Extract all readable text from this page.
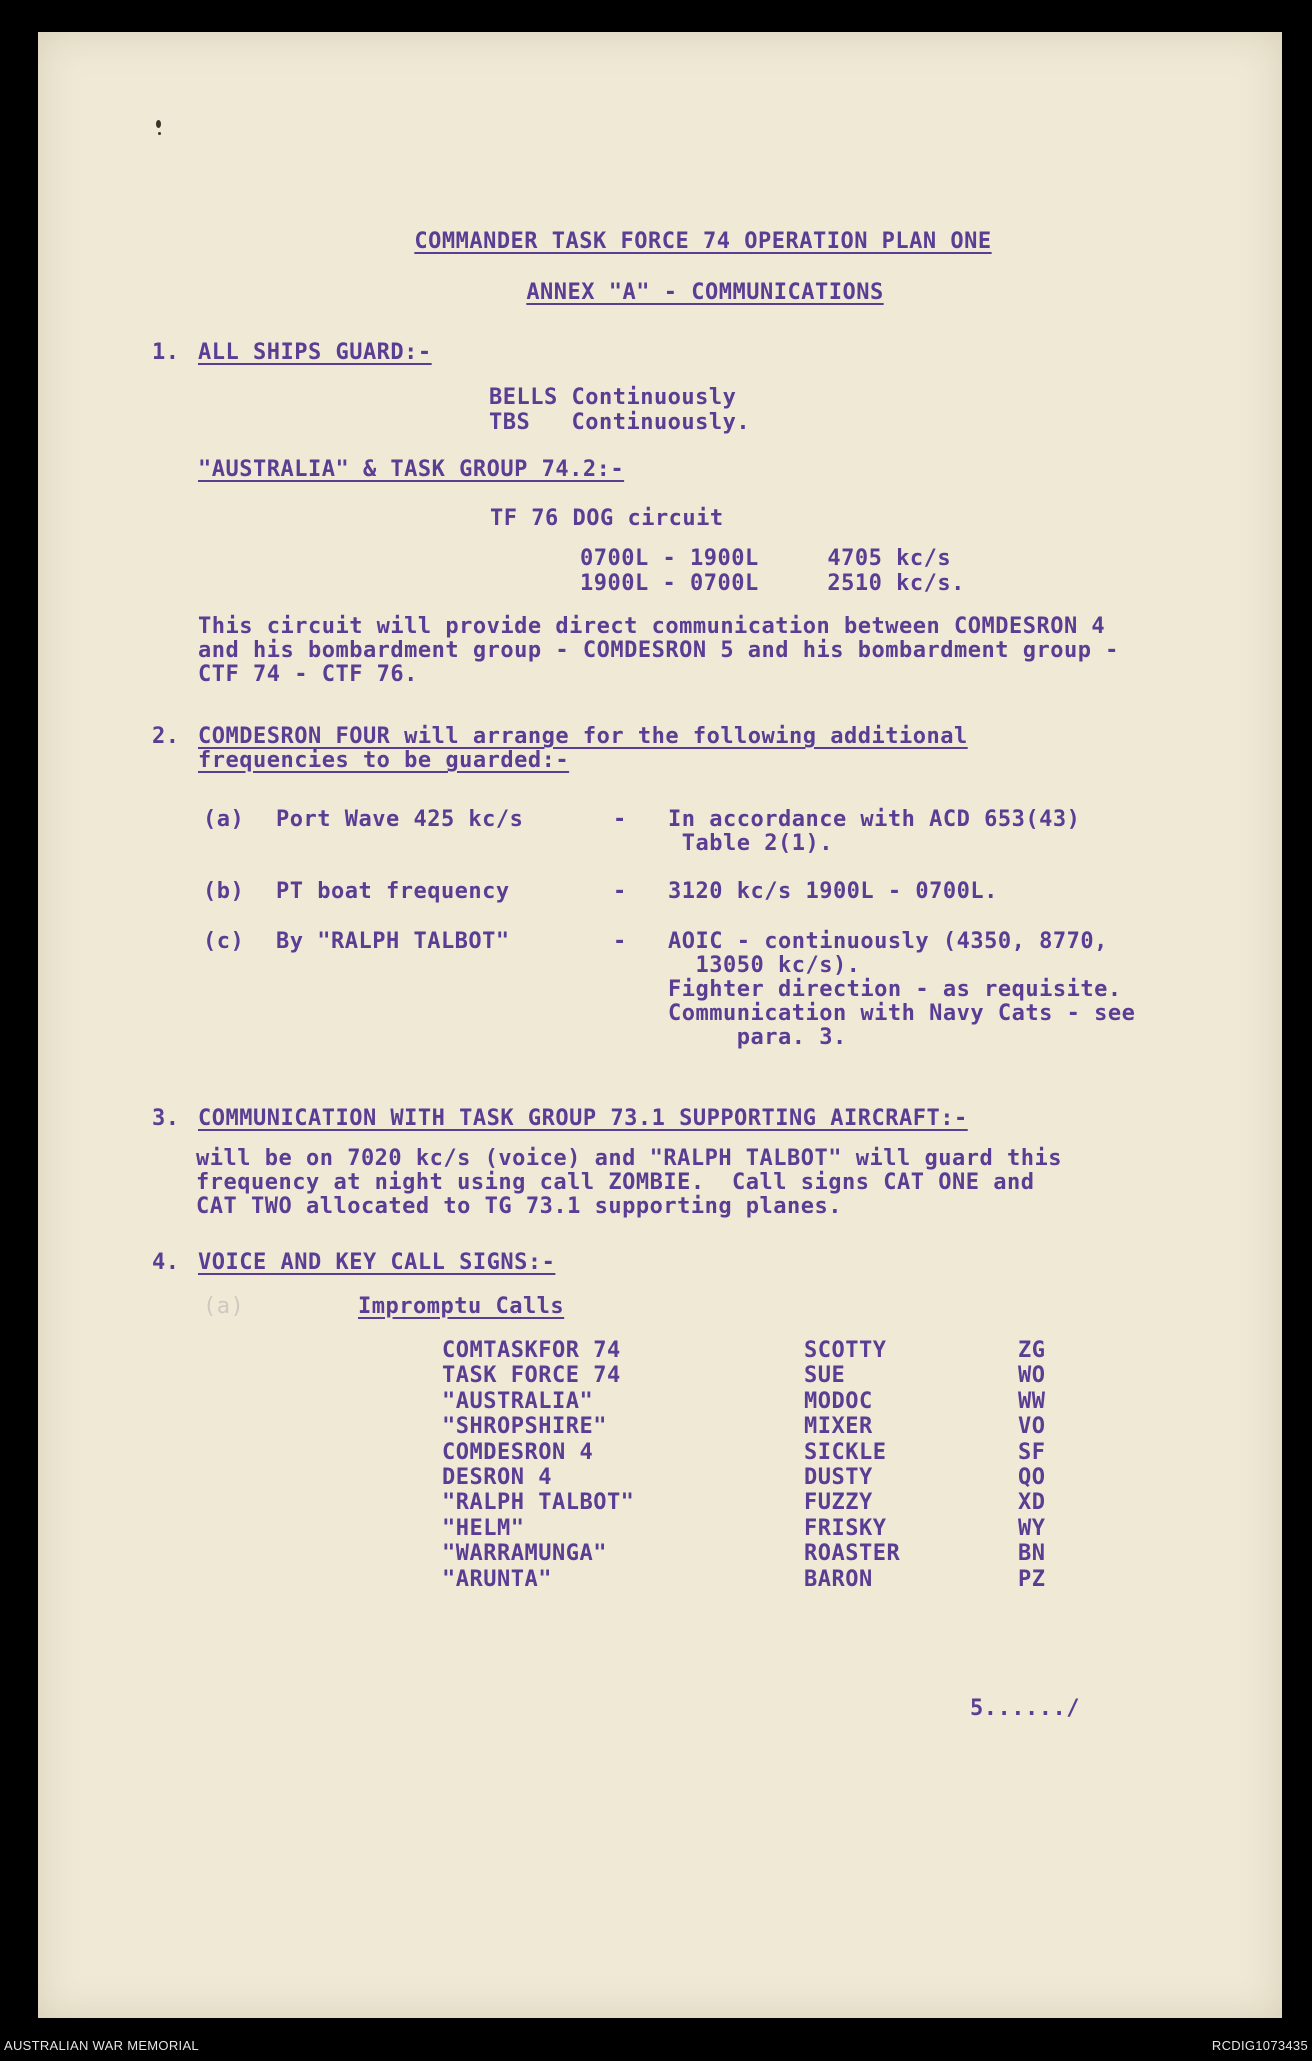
COMMANDER TASK FORCE 74 OPERATION PLAN ONE
ANNEX "A" - COMMUNICATIONS
1. ALL SHIPS GUARD:-
BELLS Continuously
TBS   Continuously.
"AUSTRALIA" & TASK GROUP 74.2:-
TF 76 DOG circuit
0700L - 1900L     4705 kc/s
1900L - 0700L     2510 kc/s.
This circuit will provide direct communication between COMDESRON 4
and his bombardment group - COMDESRON 5 and his bombardment group -
CTF 74 - CTF 76.
2. COMDESRON FOUR will arrange for the following additional
frequencies to be guarded:-
(a) Port Wave 425 kc/s	- In accordance with ACD 653(43)
Table 2(1).
(b) PT boat frequency	- 3120 kc/s 1900L - 0700L.
(c) By "RALPH TALBOT"	- AOIC - continuously (4350, 8770,
13050 kc/s).
Fighter direction - as requisite.
Communication with Navy Cats - see
para. 3.
3. COMMUNICATION WITH TASK GROUP 73.1 SUPPORTING AIRCRAFT:-
will be on 7020 kc/s (voice) and "RALPH TALBOT" will guard this
frequency at night using call ZOMBIE.  Call signs CAT ONE and
CAT TWO allocated to TG 73.1 supporting planes.
4. VOICE AND KEY CALL SIGNS:-
(a)	Impromptu Calls
COMTASKFOR 74	SCOTTY	ZG
TASK FORCE 74	SUE	WO
"AUSTRALIA"	MODOC	WW
"SHROPSHIRE"	MIXER	VO
COMDESRON 4	SICKLE	SF
DESRON 4	DUSTY	QO
"RALPH TALBOT"	FUZZY	XD
"HELM"	FRISKY	WY
"WARRAMUNGA"	ROASTER	BN
"ARUNTA"	BARON	PZ
5....../
AUSTRALIAN WAR MEMORIAL	RCDIG1073435
